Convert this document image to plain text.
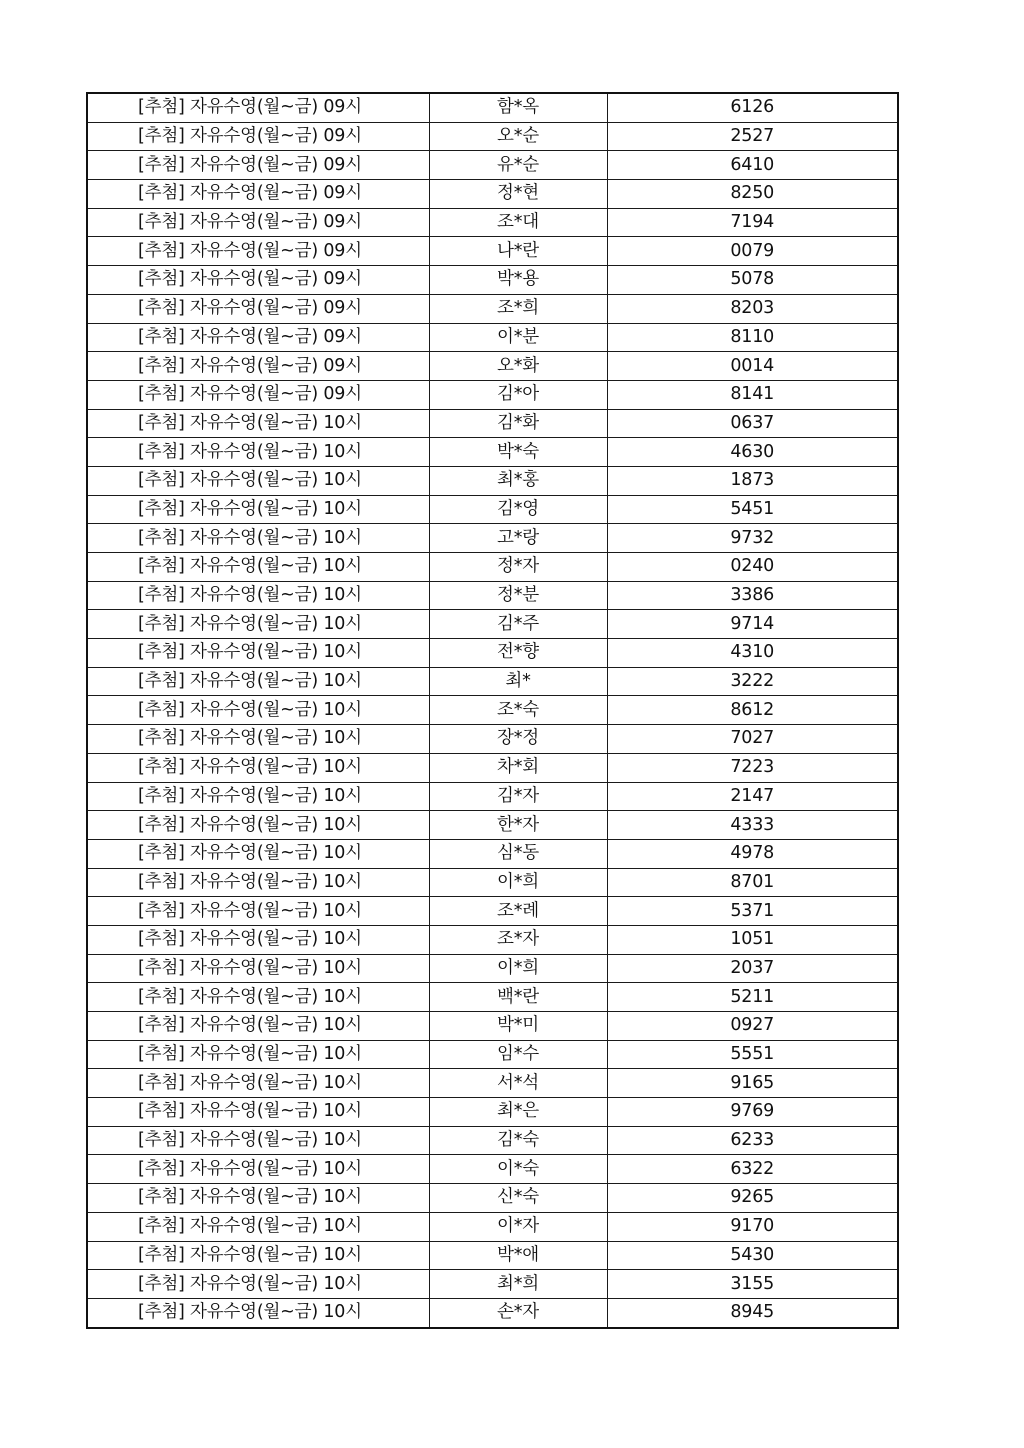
[추첨] 자유수영(월~금) 09시	함*옥	6126
[추첨] 자유수영(월~금) 09시	오*순	2527
[추첨] 자유수영(월~금) 09시	유*순	6410
[추첨] 자유수영(월~금) 09시	정*현	8250
[추첨] 자유수영(월~금) 09시	조*대	7194
[추첨] 자유수영(월~금) 09시	나*란	0079
[추첨] 자유수영(월~금) 09시	박*용	5078
[추첨] 자유수영(월~금) 09시	조*희	8203
[추첨] 자유수영(월~금) 09시	이*분	8110
[추첨] 자유수영(월~금) 09시	오*화	0014
[추첨] 자유수영(월~금) 09시	김*아	8141
[추첨] 자유수영(월~금) 10시	김*화	0637
[추첨] 자유수영(월~금) 10시	박*숙	4630
[추첨] 자유수영(월~금) 10시	최*홍	1873
[추첨] 자유수영(월~금) 10시	김*영	5451
[추첨] 자유수영(월~금) 10시	고*랑	9732
[추첨] 자유수영(월~금) 10시	정*자	0240
[추첨] 자유수영(월~금) 10시	정*분	3386
[추첨] 자유수영(월~금) 10시	김*주	9714
[추첨] 자유수영(월~금) 10시	전*향	4310
[추첨] 자유수영(월~금) 10시	최*	3222
[추첨] 자유수영(월~금) 10시	조*숙	8612
[추첨] 자유수영(월~금) 10시	장*정	7027
[추첨] 자유수영(월~금) 10시	차*회	7223
[추첨] 자유수영(월~금) 10시	김*자	2147
[추첨] 자유수영(월~금) 10시	한*자	4333
[추첨] 자유수영(월~금) 10시	심*동	4978
[추첨] 자유수영(월~금) 10시	이*희	8701
[추첨] 자유수영(월~금) 10시	조*례	5371
[추첨] 자유수영(월~금) 10시	조*자	1051
[추첨] 자유수영(월~금) 10시	이*희	2037
[추첨] 자유수영(월~금) 10시	백*란	5211
[추첨] 자유수영(월~금) 10시	박*미	0927
[추첨] 자유수영(월~금) 10시	임*수	5551
[추첨] 자유수영(월~금) 10시	서*석	9165
[추첨] 자유수영(월~금) 10시	최*은	9769
[추첨] 자유수영(월~금) 10시	김*숙	6233
[추첨] 자유수영(월~금) 10시	이*숙	6322
[추첨] 자유수영(월~금) 10시	신*숙	9265
[추첨] 자유수영(월~금) 10시	이*자	9170
[추첨] 자유수영(월~금) 10시	박*애	5430
[추첨] 자유수영(월~금) 10시	최*희	3155
[추첨] 자유수영(월~금) 10시	손*자	8945
